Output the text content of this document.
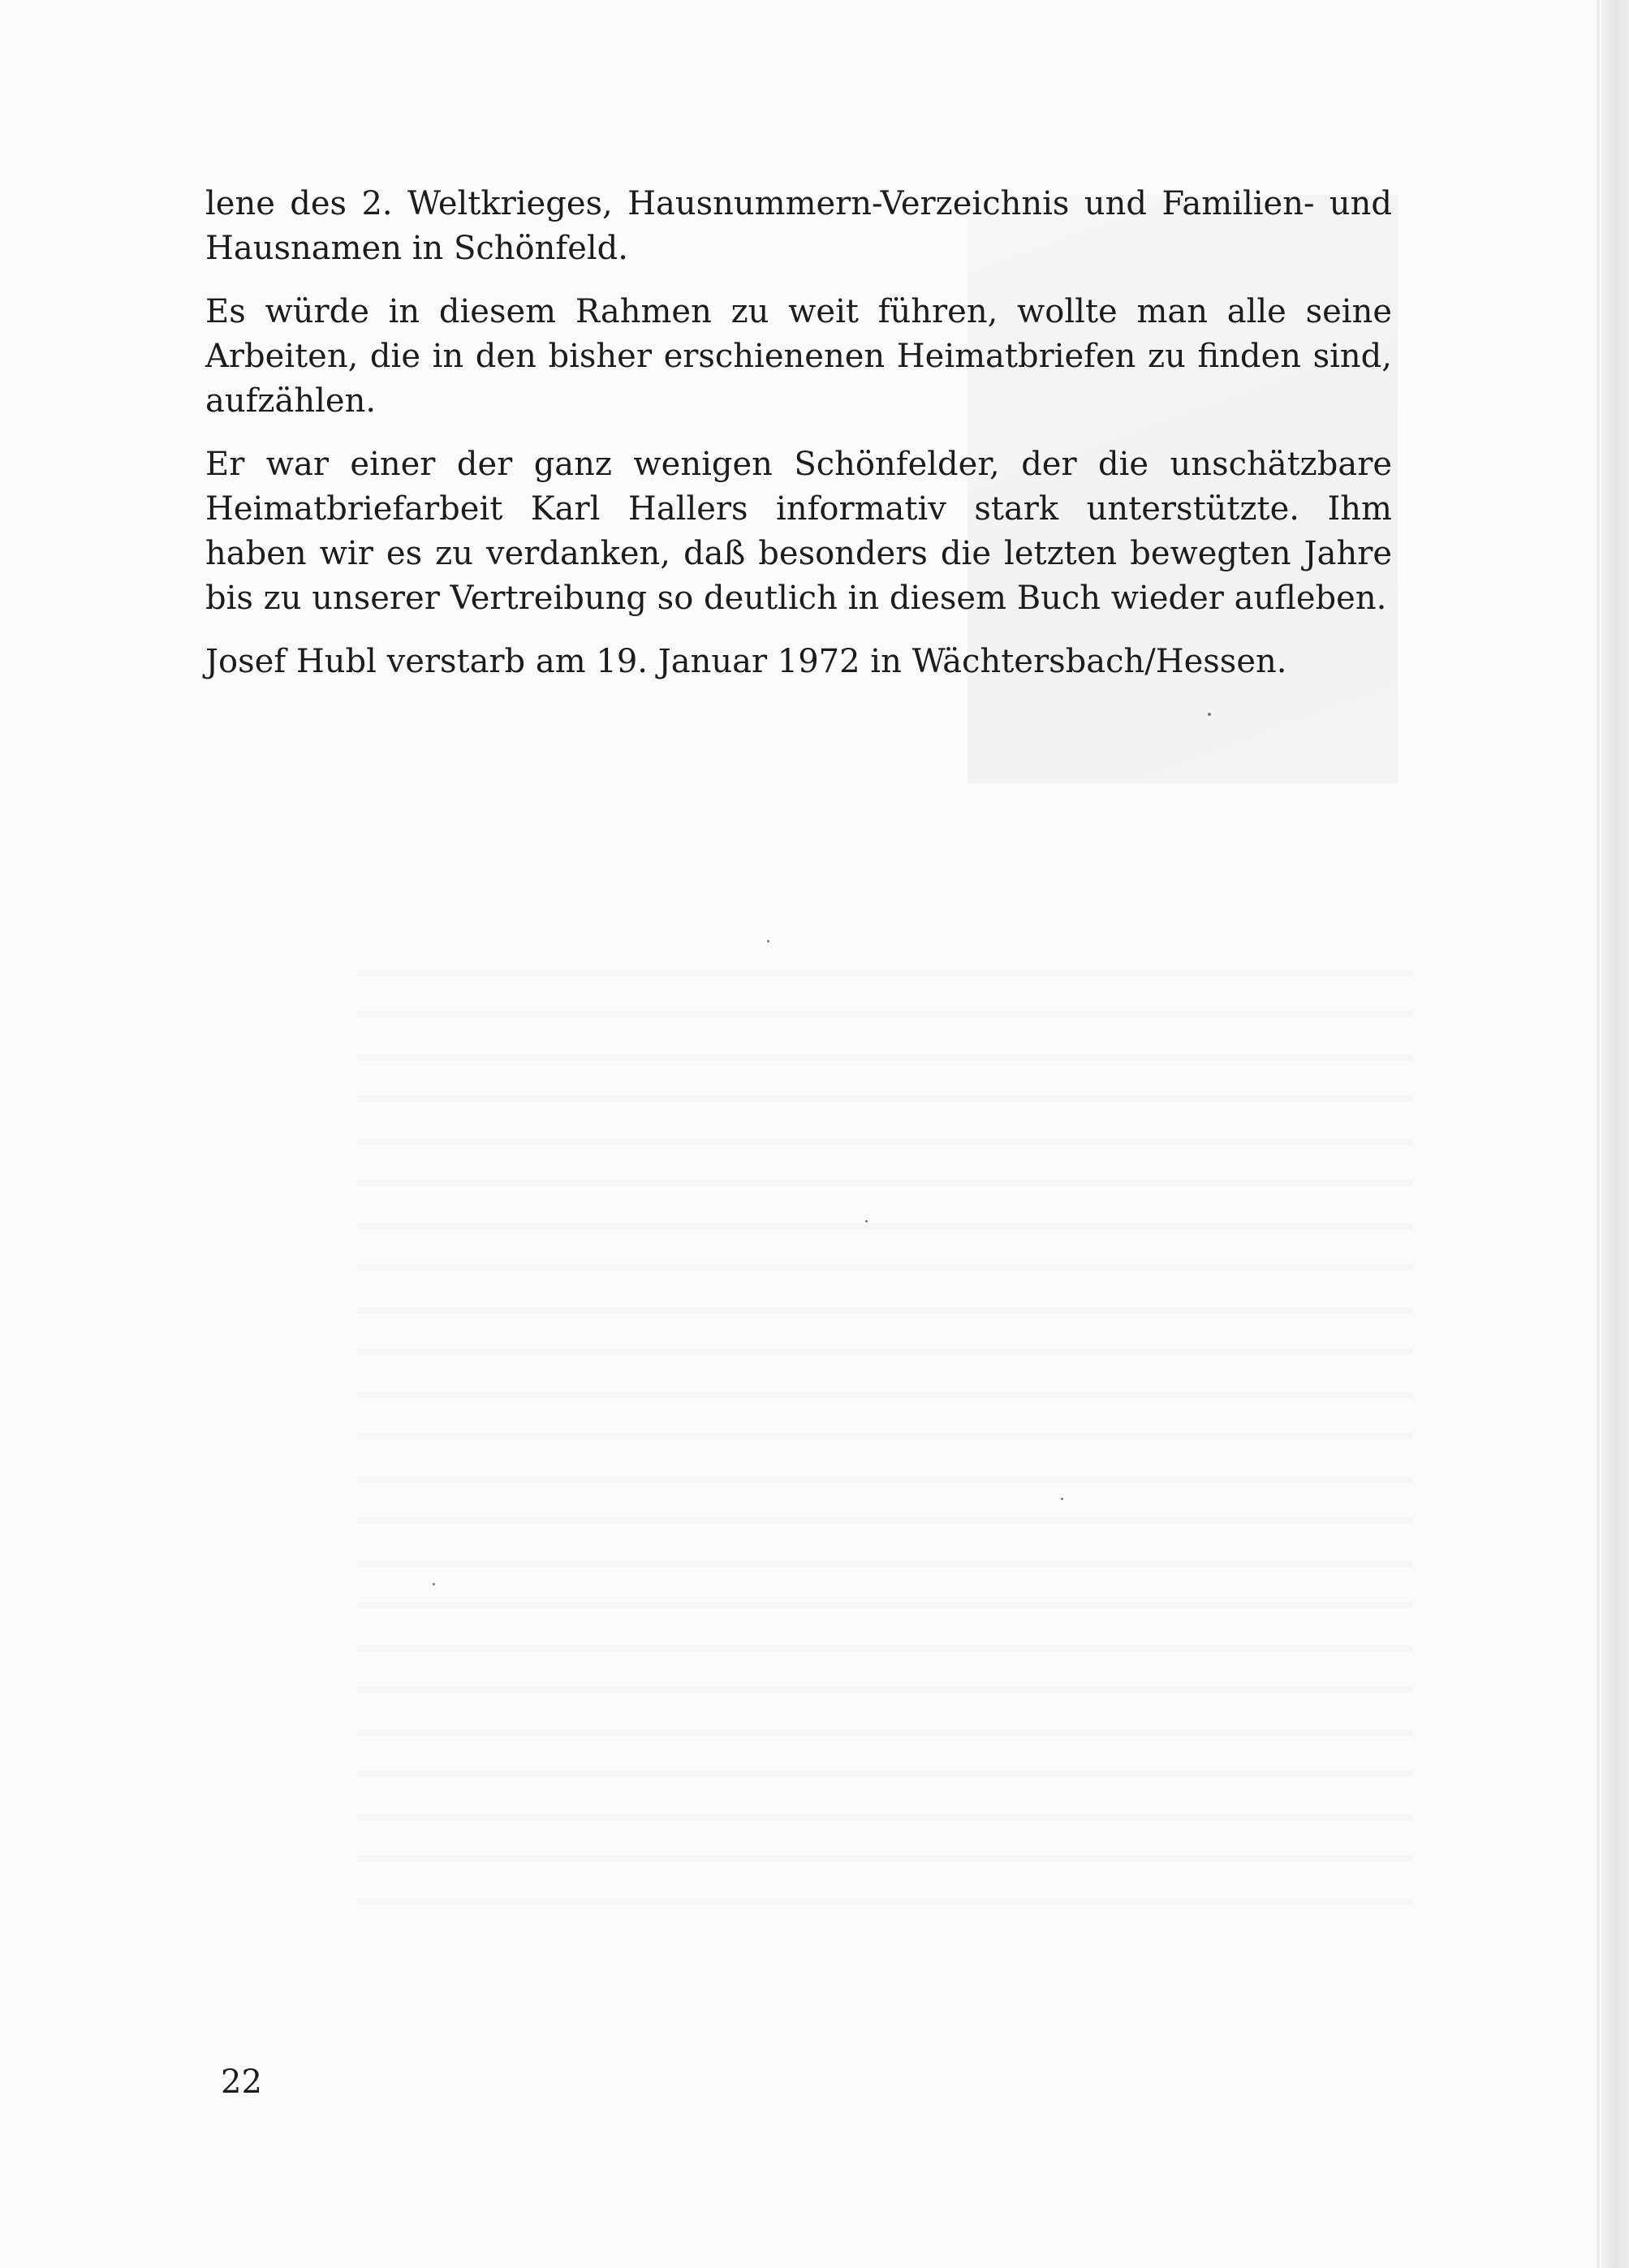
lene des 2. Weltkrieges, Hausnummern-Verzeichnis und Familien- und Hausnamen in Schönfeld.

Es würde in diesem Rahmen zu weit führen, wollte man alle seine Arbeiten, die in den bisher erschienenen Heimatbriefen zu finden sind, aufzählen.

Er war einer der ganz wenigen Schönfelder, der die unschätzbare Heimatbriefarbeit Karl Hallers informativ stark unterstützte. Ihm haben wir es zu verdanken, daß besonders die letzten bewegten Jahre bis zu unserer Vertreibung so deutlich in diesem Buch wieder aufleben.

Josef Hubl verstarb am 19. Januar 1972 in Wächtersbach/Hessen.

22
